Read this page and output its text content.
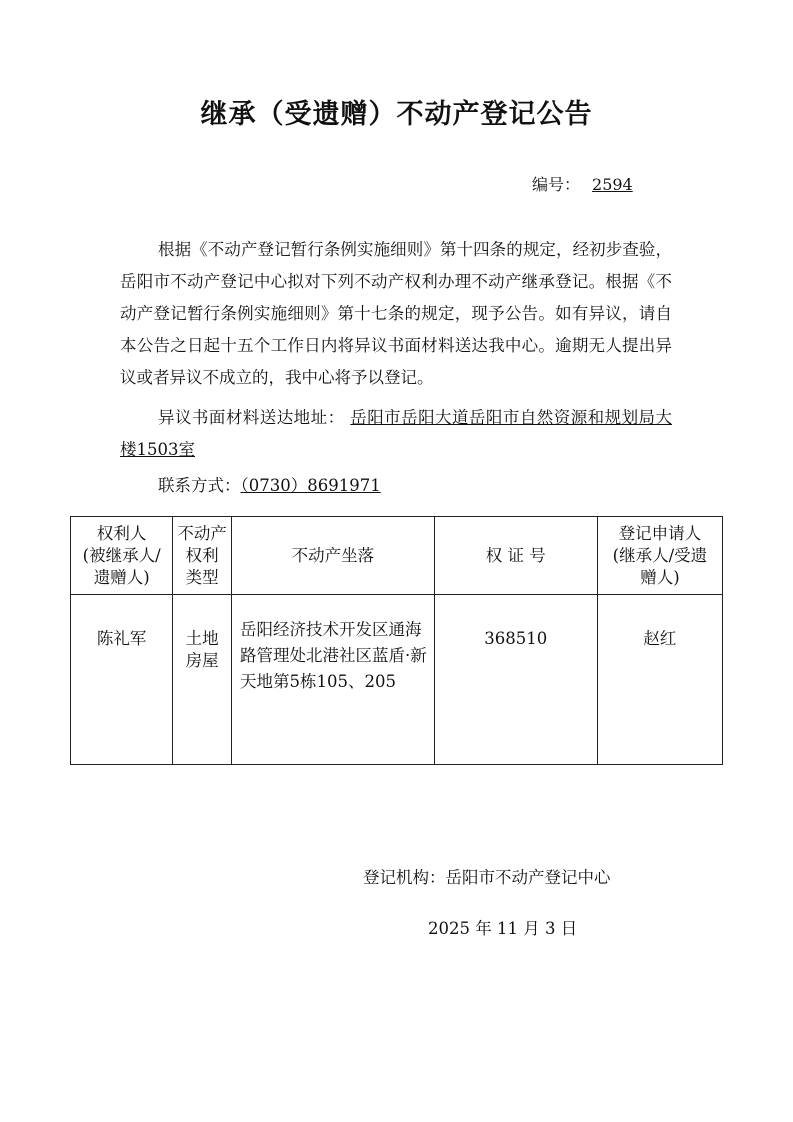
继承（受遗赠）不动产登记公告
编号： 2594
根据《不动产登记暂行条例实施细则》第十四条的规定，经初步查验，岳阳市不动产登记中心拟对下列不动产权利办理不动产继承登记。根据《不动产登记暂行条例实施细则》第十七条的规定，现予公告。如有异议，请自本公告之日起十五个工作日内将异议书面材料送达我中心。逾期无人提出异议或者异议不成立的，我中心将予以登记。
异议书面材料送达地址： 岳阳市岳阳大道岳阳市自然资源和规划局大楼1503室
联系方式：（0730）8691971
权利人
(被继承人/
遗赠人)	不动产
权利
类型	不动产坐落	权 证 号	登记申请人
(继承人/受遗
赠人)
陈礼军	土地
房屋	岳阳经济技术开发区通海路管理处北港社区蓝盾·新天地第5栋105、205	368510	赵红
登记机构：岳阳市不动产登记中心
2025 年 11 月 3 日
